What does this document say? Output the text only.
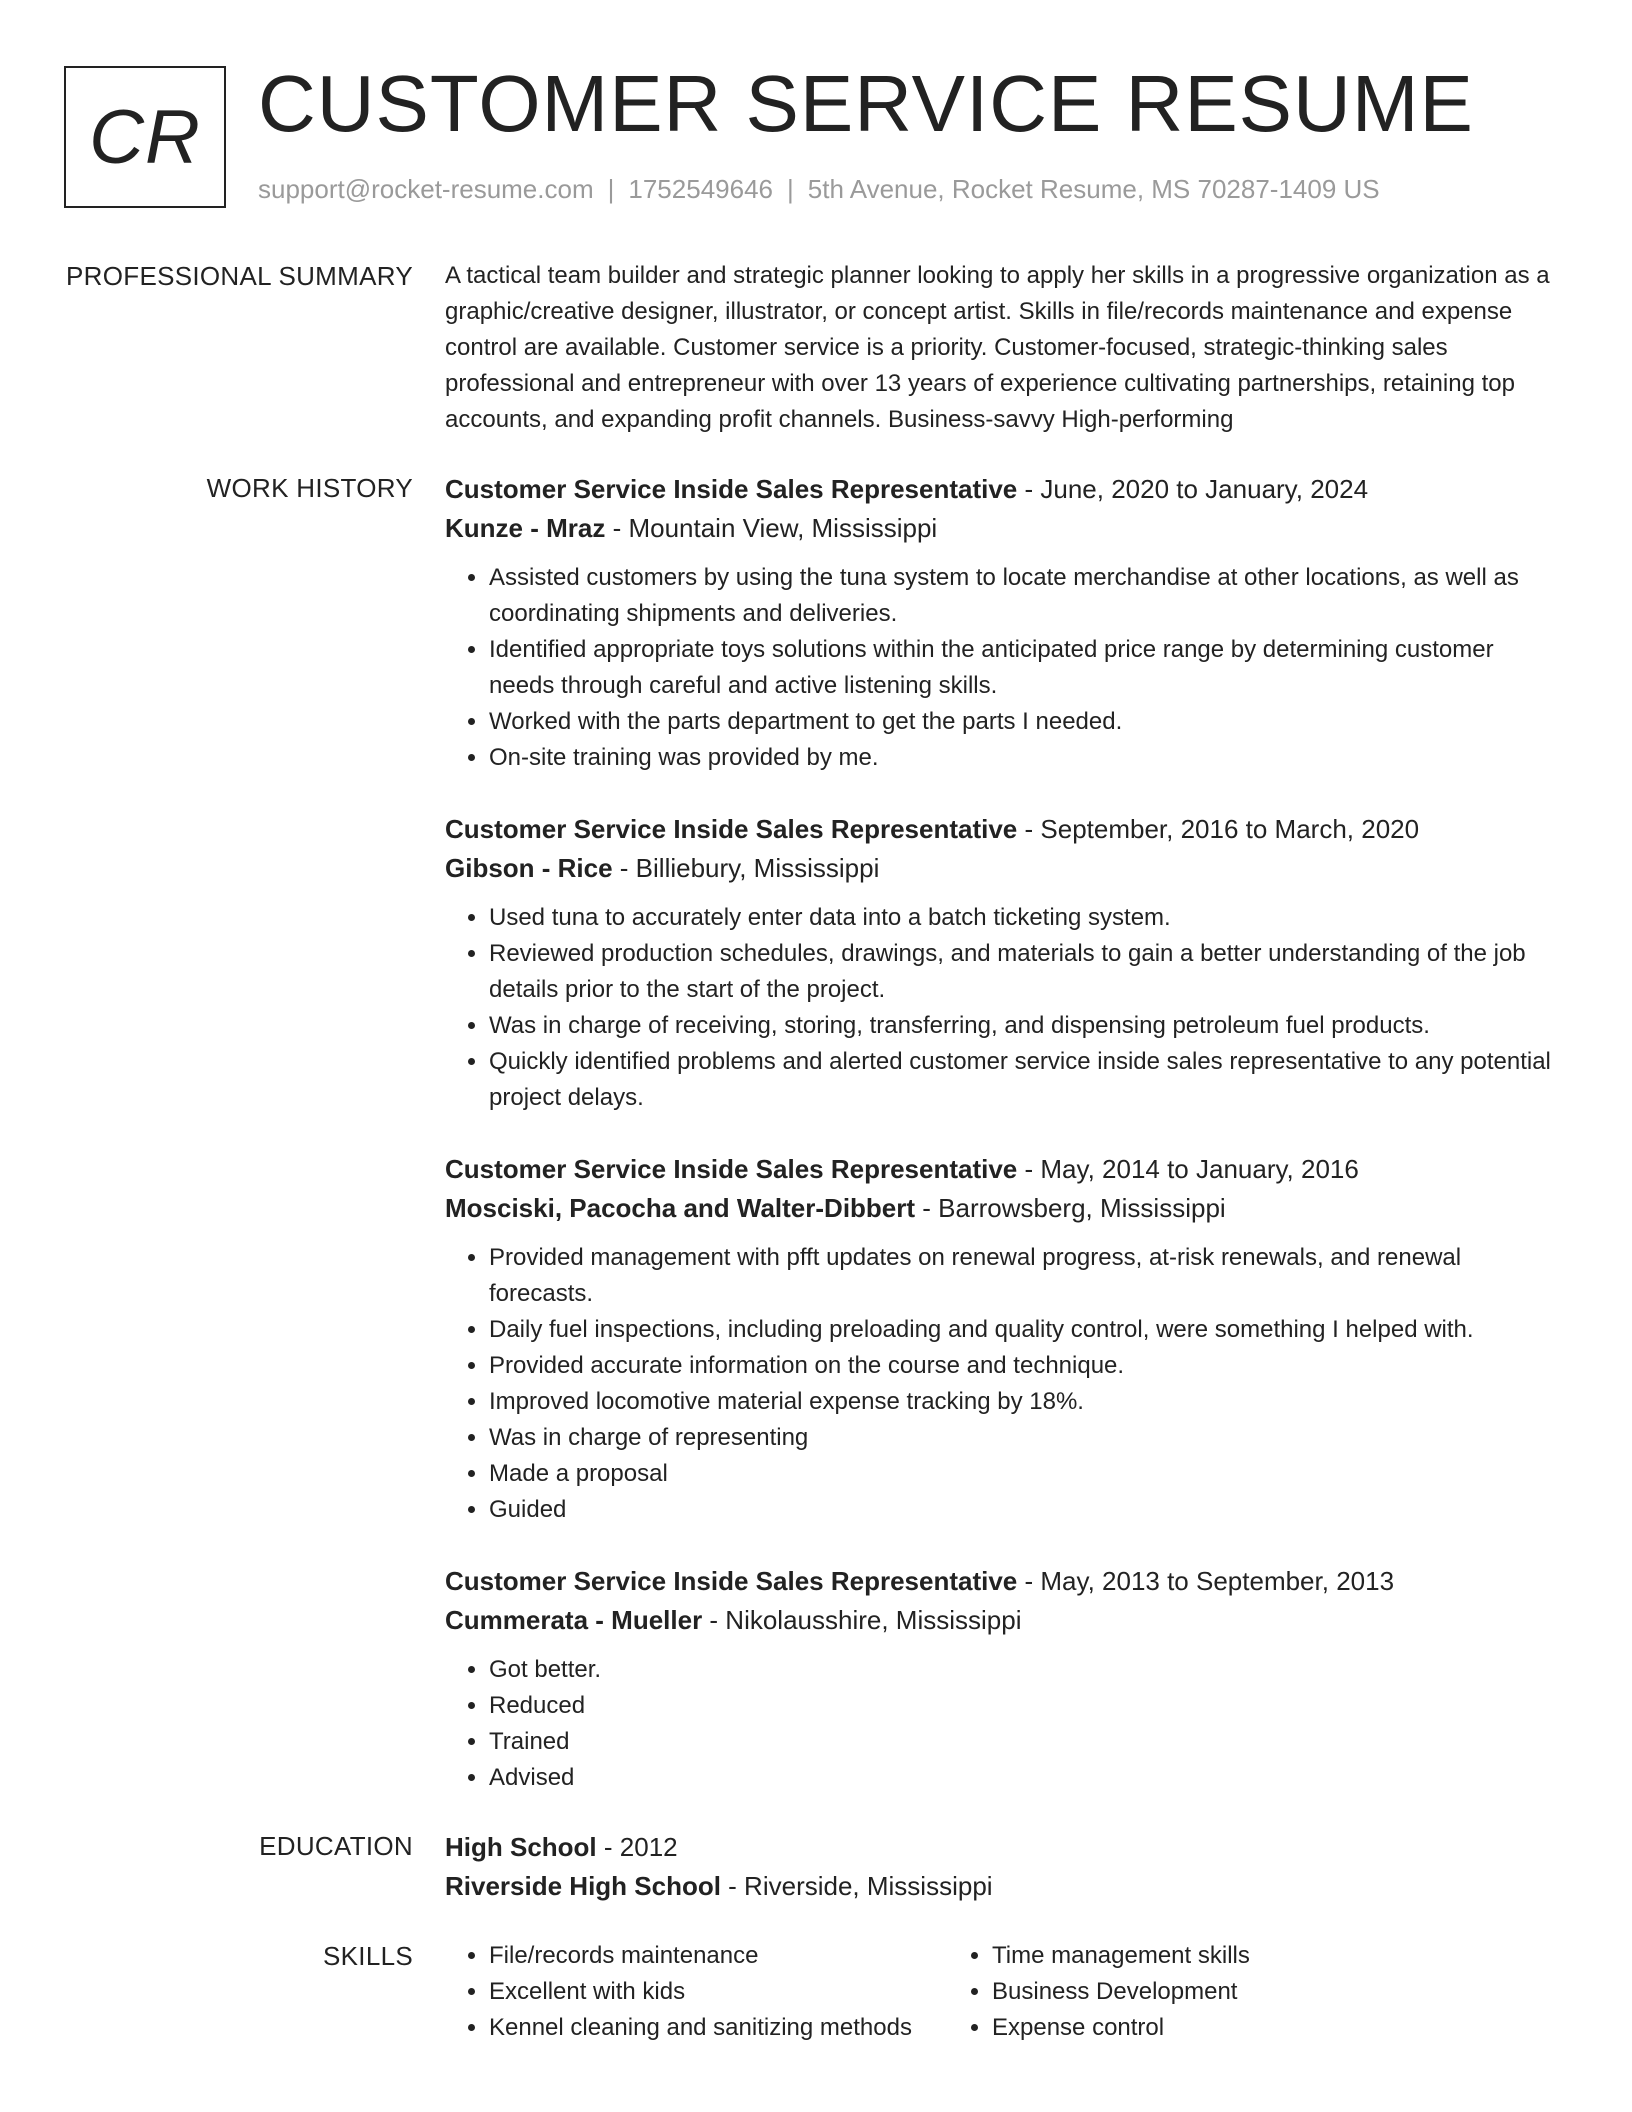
CR CUSTOMER SERVICE RESUME
support@rocket-resume.com | 1752549646 | 5th Avenue, Rocket Resume, MS 70287-1409 US
PROFESSIONAL SUMMARY A tactical team builder and strategic planner looking to apply her skills in a progressive organization as a graphic/creative designer, illustrator, or concept artist. Skills in file/records maintenance and expense control are available. Customer service is a priority. Customer-focused, strategic-thinking sales professional and entrepreneur with over 13 years of experience cultivating partnerships, retaining top accounts, and expanding profit channels. Business-savvy High-performing

WORK HISTORY Customer Service Inside Sales Representative - June, 2020 to January, 2024
Kunze - Mraz - Mountain View, Mississippi
• Assisted customers by using the tuna system to locate merchandise at other locations, as well as coordinating shipments and deliveries.
• Identified appropriate toys solutions within the anticipated price range by determining customer needs through careful and active listening skills.
• Worked with the parts department to get the parts I needed.
• On-site training was provided by me.
Customer Service Inside Sales Representative - September, 2016 to March, 2020
Gibson - Rice - Billiebury, Mississippi
• Used tuna to accurately enter data into a batch ticketing system.
• Reviewed production schedules, drawings, and materials to gain a better understanding of the job details prior to the start of the project.
• Was in charge of receiving, storing, transferring, and dispensing petroleum fuel products.
• Quickly identified problems and alerted customer service inside sales representative to any potential project delays.
Customer Service Inside Sales Representative - May, 2014 to January, 2016
Mosciski, Pacocha and Walter-Dibbert - Barrowsberg, Mississippi
• Provided management with pfft updates on renewal progress, at-risk renewals, and renewal forecasts.
• Daily fuel inspections, including preloading and quality control, were something I helped with.
• Provided accurate information on the course and technique.
• Improved locomotive material expense tracking by 18%.
• Was in charge of representing
• Made a proposal
• Guided
Customer Service Inside Sales Representative - May, 2013 to September, 2013
Cummerata - Mueller - Nikolausshire, Mississippi
• Got better.
• Reduced
• Trained
• Advised
EDUCATION High School - 2012
Riverside High School - Riverside, Mississippi
SKILLS
•	File/records maintenance
• Excellent with kids
• Kennel cleaning and sanitizing methods
• Time management skills
• Business Development
• Expense control
